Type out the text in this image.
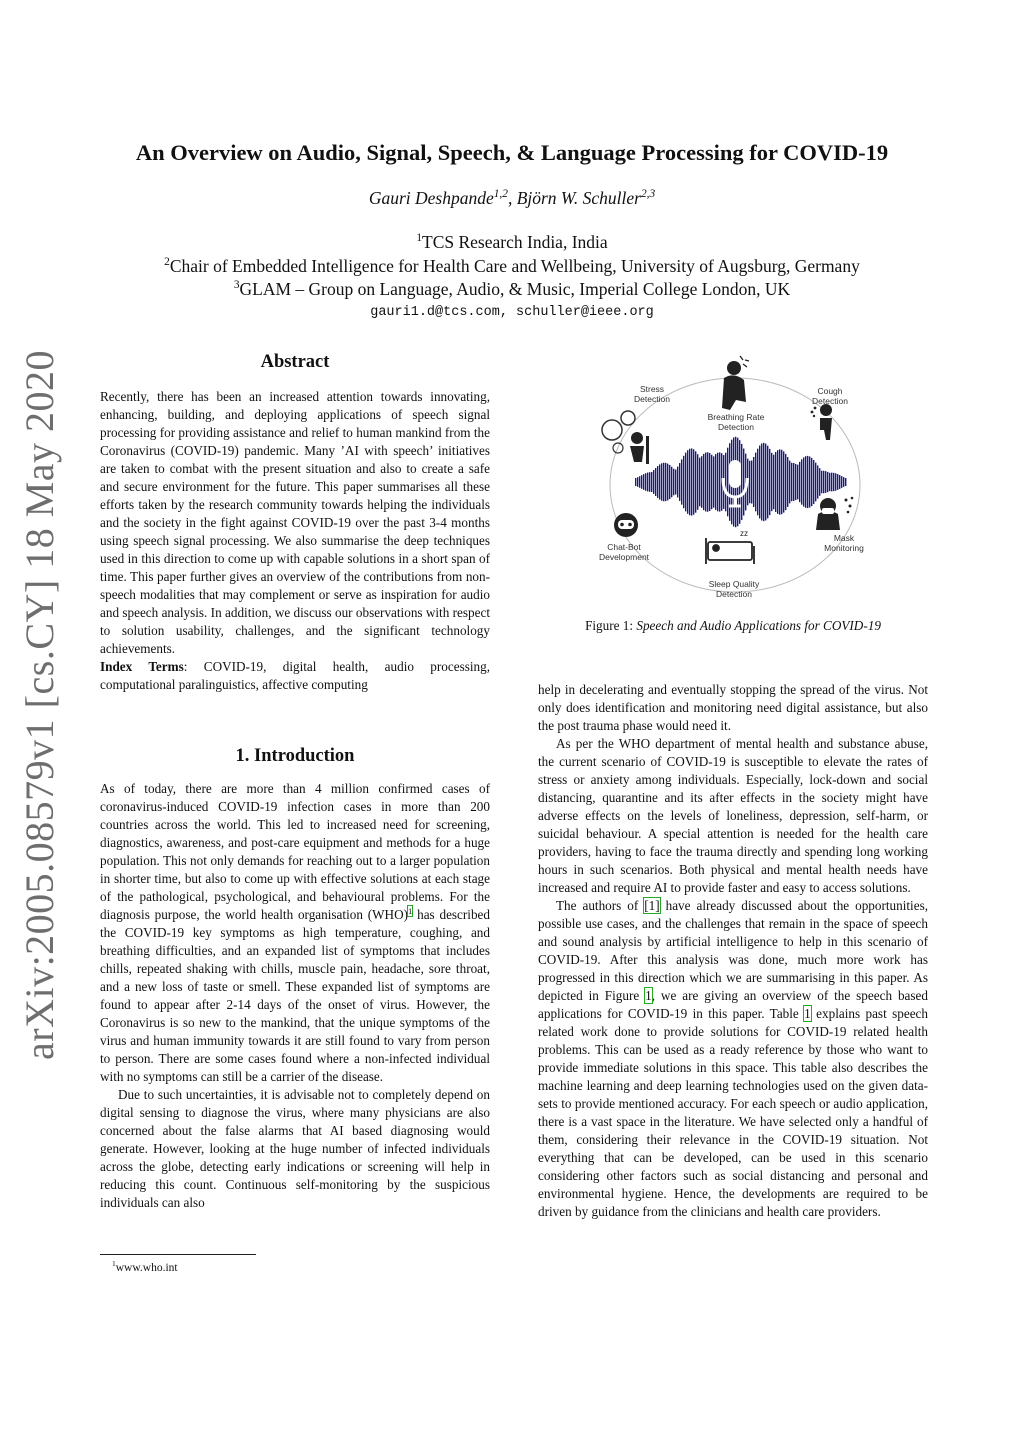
An Overview on Audio, Signal, Speech, & Language Processing for COVID-19
Gauri Deshpande$^{1,2}$, Björn W. Schuller$^{2,3}$
$^1$TCS Research India, India
$^2$Chair of Embedded Intelligence for Health Care and Wellbeing, University of Augsburg, Germany
$^3$GLAM – Group on Language, Audio, & Music, Imperial College London, UK
gauri1.d@tcs.com, schuller@ieee.org
arXiv:2005.08579v1 [cs.CY] 18 May 2020	Abstract

Recently, there has been an increased attention towards innovating, enhancing, building, and deploying applications of speech signal processing for providing assistance and relief to human mankind from the Coronavirus (COVID-19) pandemic. Many ’AI with speech’ initiatives are taken to combat with the present situation and also to create a safe and secure environment for the future. This paper summarises all these efforts taken by the research community towards helping the individuals and the society in the fight against COVID-19 over the past 3-4 months using speech signal processing. We also summarise the deep techniques used in this direction to come up with capable solutions in a short span of time. This paper further gives an overview of the contributions from non-speech modalities that may complement or serve as inspiration for audio and speech analysis. In addition, we discuss our observations with respect to solution usability, challenges, and the significant technology achievements.

Index Terms: COVID-19, digital health, audio processing, computational paralinguistics, affective computing

1. Introduction

As of today, there are more than 4 million confirmed cases of coronavirus-induced COVID-19 infection cases in more than 200 countries across the world. This led to increased need for screening, diagnostics, awareness, and post-care equipment and methods for a huge population. This not only demands for reaching out to a larger population in shorter time, but also to come up with effective solutions at each stage of the pathological, psychological, and behavioural problems. For the diagnosis purpose, the world health organisation (WHO)$^1$ has described the COVID-19 key symptoms as high temperature, coughing, and breathing difficulties, and an expanded list of symptoms that includes chills, repeated shaking with chills, muscle pain, headache, sore throat, and a new loss of taste or smell. These expanded list of symptoms are found to appear after 2-14 days of the onset of virus. However, the Coronavirus is so new to the mankind, that the unique symptoms of the virus and human immunity towards it are still found to vary from person to person. There are some cases found where a non-infected individual with no symptoms can still be a carrier of the disease.

Due to such uncertainties, it is advisable not to completely depend on digital sensing to diagnose the virus, where many physicians are also concerned about the false alarms that AI based diagnosing would generate. However, looking at the huge number of infected individuals across the globe, detecting early indications or screening will help in reducing this count. Continuous self-monitoring by the suspicious individuals can also

$^1$www.who.int
zz
Stress
Detection
Breathing Rate
Detection
Cough
Detection
Chat-Bot
Development
Mask
Monitoring
Sleep Quality
Detection
Figure 1: Speech and Audio Applications for COVID-19

help in decelerating and eventually stopping the spread of the virus. Not only does identification and monitoring need digital assistance, but also the post trauma phase would need it.

As per the WHO department of mental health and substance abuse, the current scenario of COVID-19 is susceptible to elevate the rates of stress or anxiety among individuals. Especially, lock-down and social distancing, quarantine and its after effects in the society might have adverse effects on the levels of loneliness, depression, self-harm, or suicidal behaviour. A special attention is needed for the health care providers, having to face the trauma directly and spending long working hours in such scenarios. Both physical and mental health needs have increased and require AI to provide faster and easy to access solutions.

The authors of [1] have already discussed about the opportunities, possible use cases, and the challenges that remain in the space of speech and sound analysis by artificial intelligence to help in this scenario of COVID-19. After this analysis was done, much more work has progressed in this direction which we are summarising in this paper. As depicted in Figure 1, we are giving an overview of the speech based applications for COVID-19 in this paper. Table 1 explains past speech related work done to provide solutions for COVID-19 related health problems. This can be used as a ready reference by those who want to provide immediate solutions in this space. This table also describes the machine learning and deep learning technologies used on the given data-sets to provide mentioned accuracy. For each speech or audio application, there is a vast space in the literature. We have selected only a handful of them, considering their relevance in the COVID-19 situation. Not everything that can be developed, can be used in this scenario considering other factors such as social distancing and personal and environmental hygiene. Hence, the developments are required to be driven by guidance from the clinicians and health care providers.
